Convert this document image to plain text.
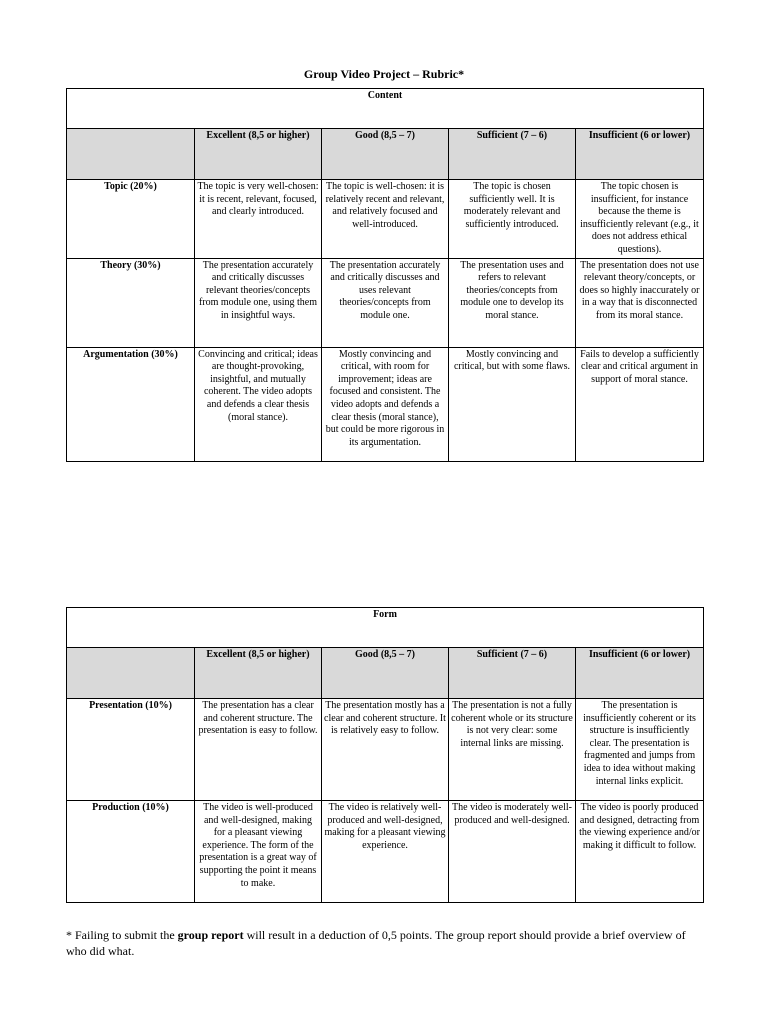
Group Video Project – Rubric*
Content				
	Excellent (8,5 or higher)	Good (8,5 – 7)	Sufficient (7 – 6)	Insufficient (6 or lower)
Topic (20%)	The topic is very well-chosen: it is recent, relevant, focused, and clearly introduced.	The topic is well-chosen: it is relatively recent and relevant, and relatively focused and well-introduced.	The topic is chosen sufficiently well. It is moderately relevant and sufficiently introduced.	The topic chosen is insufficient, for instance because the theme is insufficiently relevant (e.g., it does not address ethical questions).
Theory (30%)	The presentation accurately and critically discusses relevant theories/concepts from module one, using them in insightful ways.	The presentation accurately and critically discusses and uses relevant theories/concepts from module one.	The presentation uses and refers to relevant theories/concepts from module one to develop its moral stance.	The presentation does not use relevant theory/concepts, or does so highly inaccurately or in a way that is disconnected from its moral stance.
Argumentation (30%)	Convincing and critical; ideas are thought-provoking, insightful, and mutually coherent. The video adopts and defends a clear thesis (moral stance).	Mostly convincing and critical, with room for improvement; ideas are focused and consistent. The video adopts and defends a clear thesis (moral stance), but could be more rigorous in its argumentation.	Mostly convincing and critical, but with some flaws.	Fails to develop a sufficiently clear and critical argument in support of moral stance.
Form				
	Excellent (8,5 or higher)	Good (8,5 – 7)	Sufficient (7 – 6)	Insufficient (6 or lower)
Presentation (10%)	The presentation has a clear and coherent structure. The presentation is easy to follow.	The presentation mostly has a clear and coherent structure. It is relatively easy to follow.	The presentation is not a fully coherent whole or its structure is not very clear: some internal links are missing.	The presentation is insufficiently coherent or its structure is insufficiently clear. The presentation is fragmented and jumps from idea to idea without making internal links explicit.
Production (10%)	The video is well-produced and well-designed, making for a pleasant viewing experience. The form of the presentation is a great way of supporting the point it means to make.	The video is relatively well-produced and well-designed, making for a pleasant viewing experience.	The video is moderately well-produced and well-designed.	The video is poorly produced and designed, detracting from the viewing experience and/or making it difficult to follow.
* Failing to submit the group report will result in a deduction of 0,5 points. The group report should provide a brief overview of who did what.
